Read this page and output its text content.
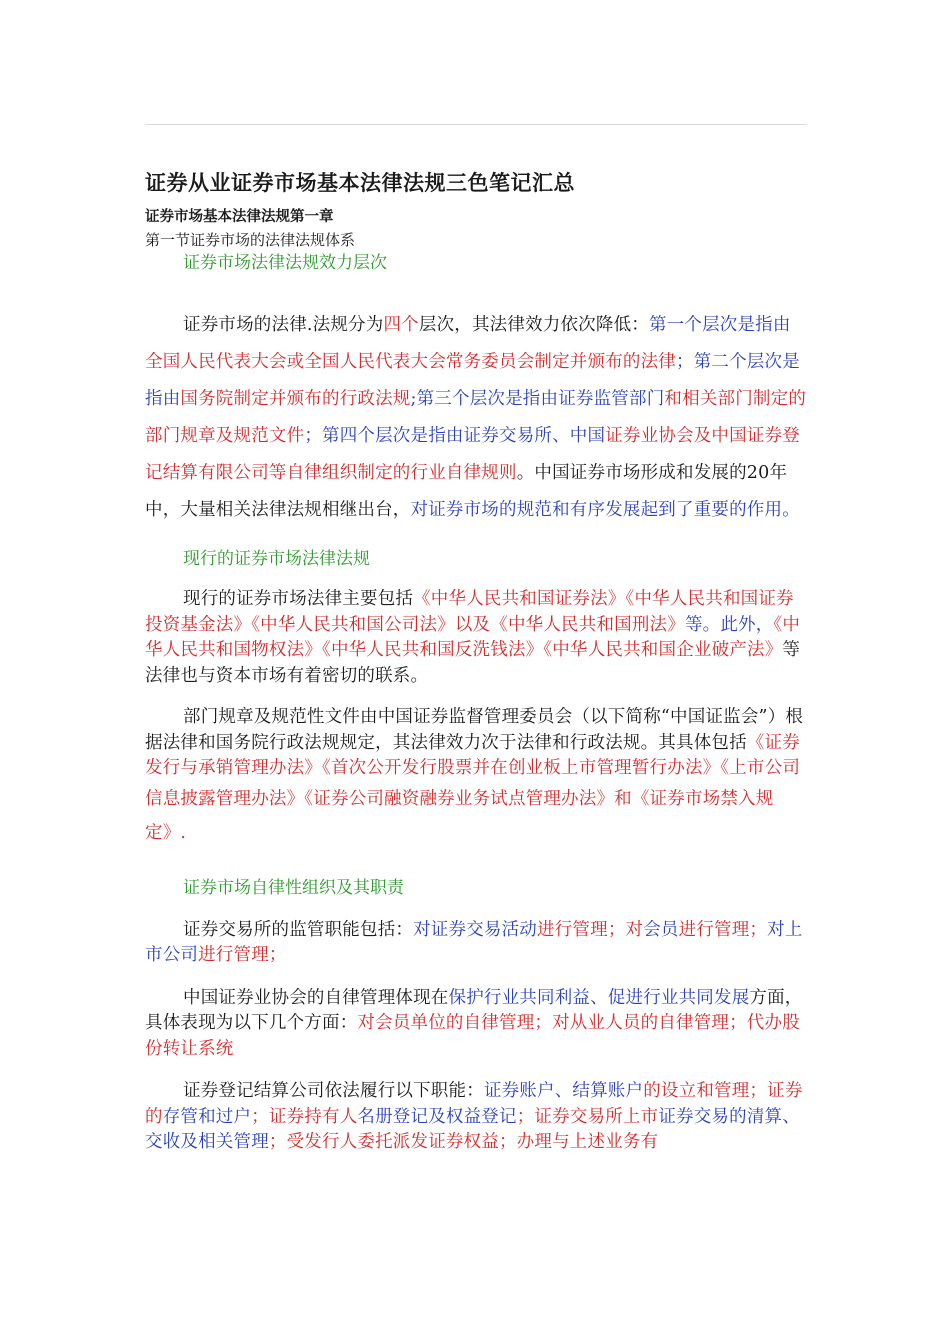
证券从业证券市场基本法律法规三色笔记汇总

证券市场基本法律法规第一章

第一节证券市场的法律法规体系

证券市场法律法规效力层次

证券市场的法律.法规分为四个层次，其法律效力依次降低：第一个层次是指由全国人民代表大会或全国人民代表大会常务委员会制定并颁布的法律；第二个层次是指由国务院制定并颁布的行政法规;第三个层次是指由证券监管部门和相关部门制定的部门规章及规范文件；第四个层次是指由证券交易所、中国证券业协会及中国证券登记结算有限公司等自律组织制定的行业自律规则。中国证券市场形成和发展的20年中，大量相关法律法规相继出台，对证券市场的规范和有序发展起到了重要的作用。

现行的证券市场法律法规

现行的证券市场法律主要包括《中华人民共和国证券法》《中华人民共和国证券投资基金法》《中华人民共和国公司法》以及《中华人民共和国刑法》等。此外，《中华人民共和国物权法》《中华人民共和国反洗钱法》《中华人民共和国企业破产法》等法律也与资本市场有着密切的联系。

部门规章及规范性文件由中国证券监督管理委员会（以下简称“中国证监会”）根据法律和国务院行政法规规定，其法律效力次于法律和行政法规。其具体包括《证券发行与承销管理办法》《首次公开发行股票并在创业板上市管理暂行办法》《上市公司信息披露管理办法》《证券公司融资融券业务试点管理办法》和《证券市场禁入规定》.

证券市场自律性组织及其职责

证券交易所的监管职能包括：对证券交易活动进行管理；对会员进行管理；对上市公司进行管理；

中国证券业协会的自律管理体现在保护行业共同利益、促进行业共同发展方面，具体表现为以下几个方面：对会员单位的自律管理；对从业人员的自律管理；代办股份转让系统

证券登记结算公司依法履行以下职能：证券账户、结算账户的设立和管理；证券的存管和过户；证券持有人名册登记及权益登记；证券交易所上市证券交易的清算、交收及相关管理；受发行人委托派发证券权益；办理与上述业务有
